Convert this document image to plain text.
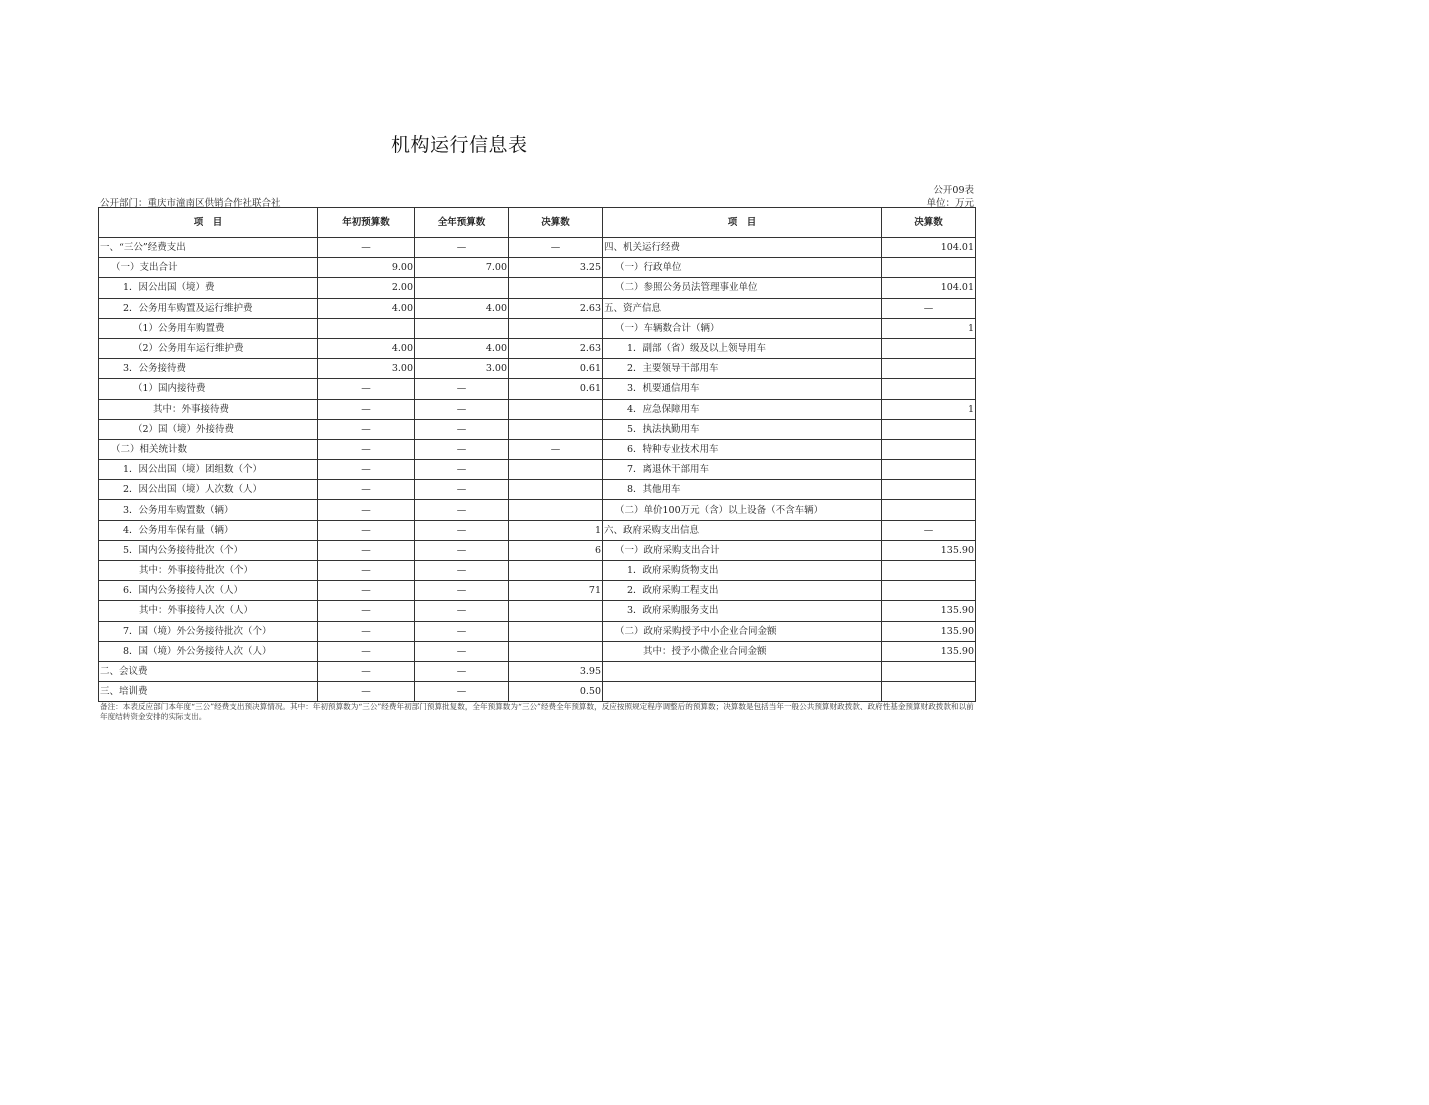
机构运行信息表
公开09表
公开部门：重庆市潼南区供销合作社联合社	单位：万元
项　目	年初预算数	全年预算数	决算数	项　目	决算数
一、“三公”经费支出	—	—	—	四、机关运行经费	104.01
（一）支出合计	9.00	7.00	3.25	（一）行政单位	
1．因公出国（境）费	2.00			（二）参照公务员法管理事业单位	104.01
2．公务用车购置及运行维护费	4.00	4.00	2.63	五、资产信息	—
（1）公务用车购置费				（一）车辆数合计（辆）	1
（2）公务用车运行维护费	4.00	4.00	2.63	1．副部（省）级及以上领导用车	
3．公务接待费	3.00	3.00	0.61	2．主要领导干部用车	
（1）国内接待费	—	—	0.61	3．机要通信用车	
其中：外事接待费	—	—		4．应急保障用车	1
（2）国（境）外接待费	—	—		5．执法执勤用车	
（二）相关统计数	—	—	—	6．特种专业技术用车	
1．因公出国（境）团组数（个）	—	—		7．离退休干部用车	
2．因公出国（境）人次数（人）	—	—		8．其他用车	
3．公务用车购置数（辆）	—	—		（二）单价100万元（含）以上设备（不含车辆）	
4．公务用车保有量（辆）	—	—	1	六、政府采购支出信息	—
5．国内公务接待批次（个）	—	—	6	（一）政府采购支出合计	135.90
其中：外事接待批次（个）	—	—		1．政府采购货物支出	
6．国内公务接待人次（人）	—	—	71	2．政府采购工程支出	
其中：外事接待人次（人）	—	—		3．政府采购服务支出	135.90
7．国（境）外公务接待批次（个）	—	—		（二）政府采购授予中小企业合同金额	135.90
8．国（境）外公务接待人次（人）	—	—		其中：授予小微企业合同金额	135.90
二、会议费	—	—	3.95		
三、培训费	—	—	0.50		
备注：本表反应部门本年度“三公”经费支出预决算情况。其中：年初预算数为“三公”经费年初部门预算批复数，全年预算数为“三公”经费全年预算数，反应按照规定程序调整后的预算数；决算数是包括当年一般公共预算财政拨款、政府性基金预算财政拨款和以前年度结转资金安排的实际支出。
